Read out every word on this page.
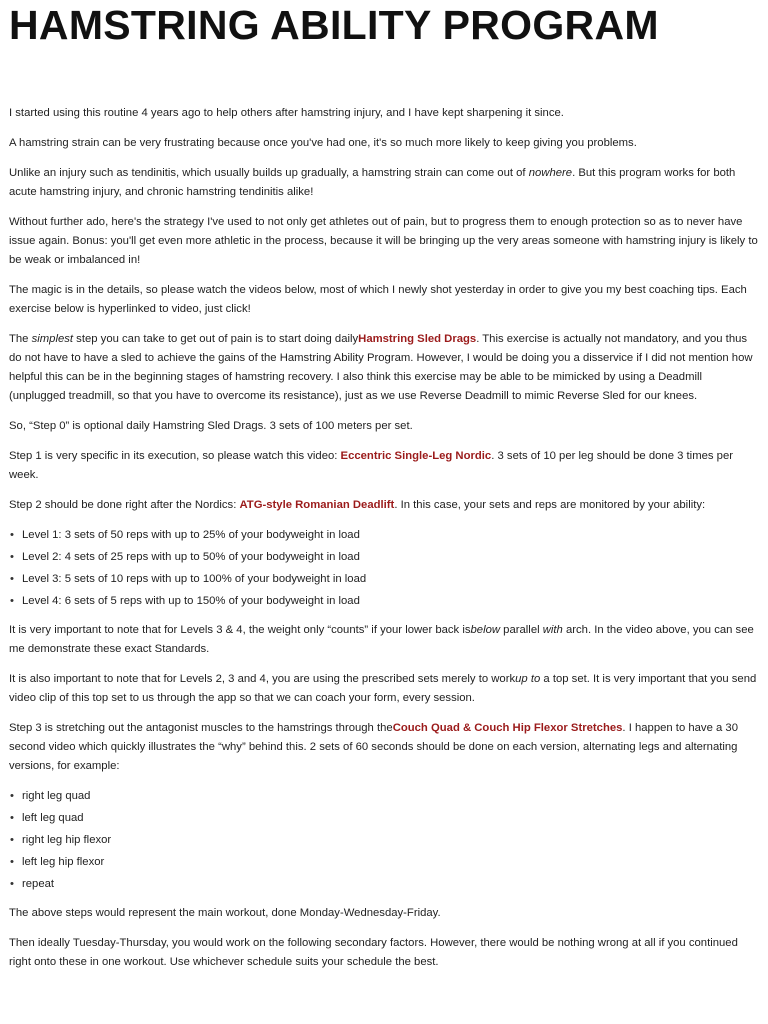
HAMSTRING ABILITY PROGRAM

I started using this routine 4 years ago to help others after hamstring injury, and I have kept sharpening it since.

A hamstring strain can be very frustrating because once you've had one, it's so much more likely to keep giving you problems.

Unlike an injury such as tendinitis, which usually builds up gradually, a hamstring strain can come out of nowhere. But this program works for both acute hamstring injury, and chronic hamstring tendinitis alike!

Without further ado, here's the strategy I've used to not only get athletes out of pain, but to progress them to enough protection so as to never have issue again. Bonus: you'll get even more athletic in the process, because it will be bringing up the very areas someone with hamstring injury is likely to be weak or imbalanced in!

The magic is in the details, so please watch the videos below, most of which I newly shot yesterday in order to give you my best coaching tips. Each exercise below is hyperlinked to video, just click!

The simplest step you can take to get out of pain is to start doing dailyHamstring Sled Drags. This exercise is actually not mandatory, and you thus do not have to have a sled to achieve the gains of the Hamstring Ability Program. However, I would be doing you a disservice if I did not mention how helpful this can be in the beginning stages of hamstring recovery. I also think this exercise may be able to be mimicked by using a Deadmill (unplugged treadmill, so that you have to overcome its resistance), just as we use Reverse Deadmill to mimic Reverse Sled for our knees.

So, “Step 0” is optional daily Hamstring Sled Drags. 3 sets of 100 meters per set.

Step 1 is very specific in its execution, so please watch this video: Eccentric Single-Leg Nordic. 3 sets of 10 per leg should be done 3 times per week.

Step 2 should be done right after the Nordics: ATG-style Romanian Deadlift. In this case, your sets and reps are monitored by your ability:

• Level 1: 3 sets of 50 reps with up to 25% of your bodyweight in load
• Level 2: 4 sets of 25 reps with up to 50% of your bodyweight in load
• Level 3: 5 sets of 10 reps with up to 100% of your bodyweight in load
• Level 4: 6 sets of 5 reps with up to 150% of your bodyweight in load

It is very important to note that for Levels 3 & 4, the weight only “counts” if your lower back isbelow parallel with arch. In the video above, you can see me demonstrate these exact Standards.

It is also important to note that for Levels 2, 3 and 4, you are using the prescribed sets merely to workup to a top set. It is very important that you send video clip of this top set to us through the app so that we can coach your form, every session.

Step 3 is stretching out the antagonist muscles to the hamstrings through theCouch Quad & Couch Hip Flexor Stretches. I happen to have a 30 second video which quickly illustrates the “why” behind this. 2 sets of 60 seconds should be done on each version, alternating legs and alternating versions, for example:

• right leg quad
• left leg quad
• right leg hip flexor
• left leg hip flexor
• repeat

The above steps would represent the main workout, done Monday-Wednesday-Friday.

Then ideally Tuesday-Thursday, you would work on the following secondary factors. However, there would be nothing wrong at all if you continued right onto these in one workout. Use whichever schedule suits your schedule the best.
